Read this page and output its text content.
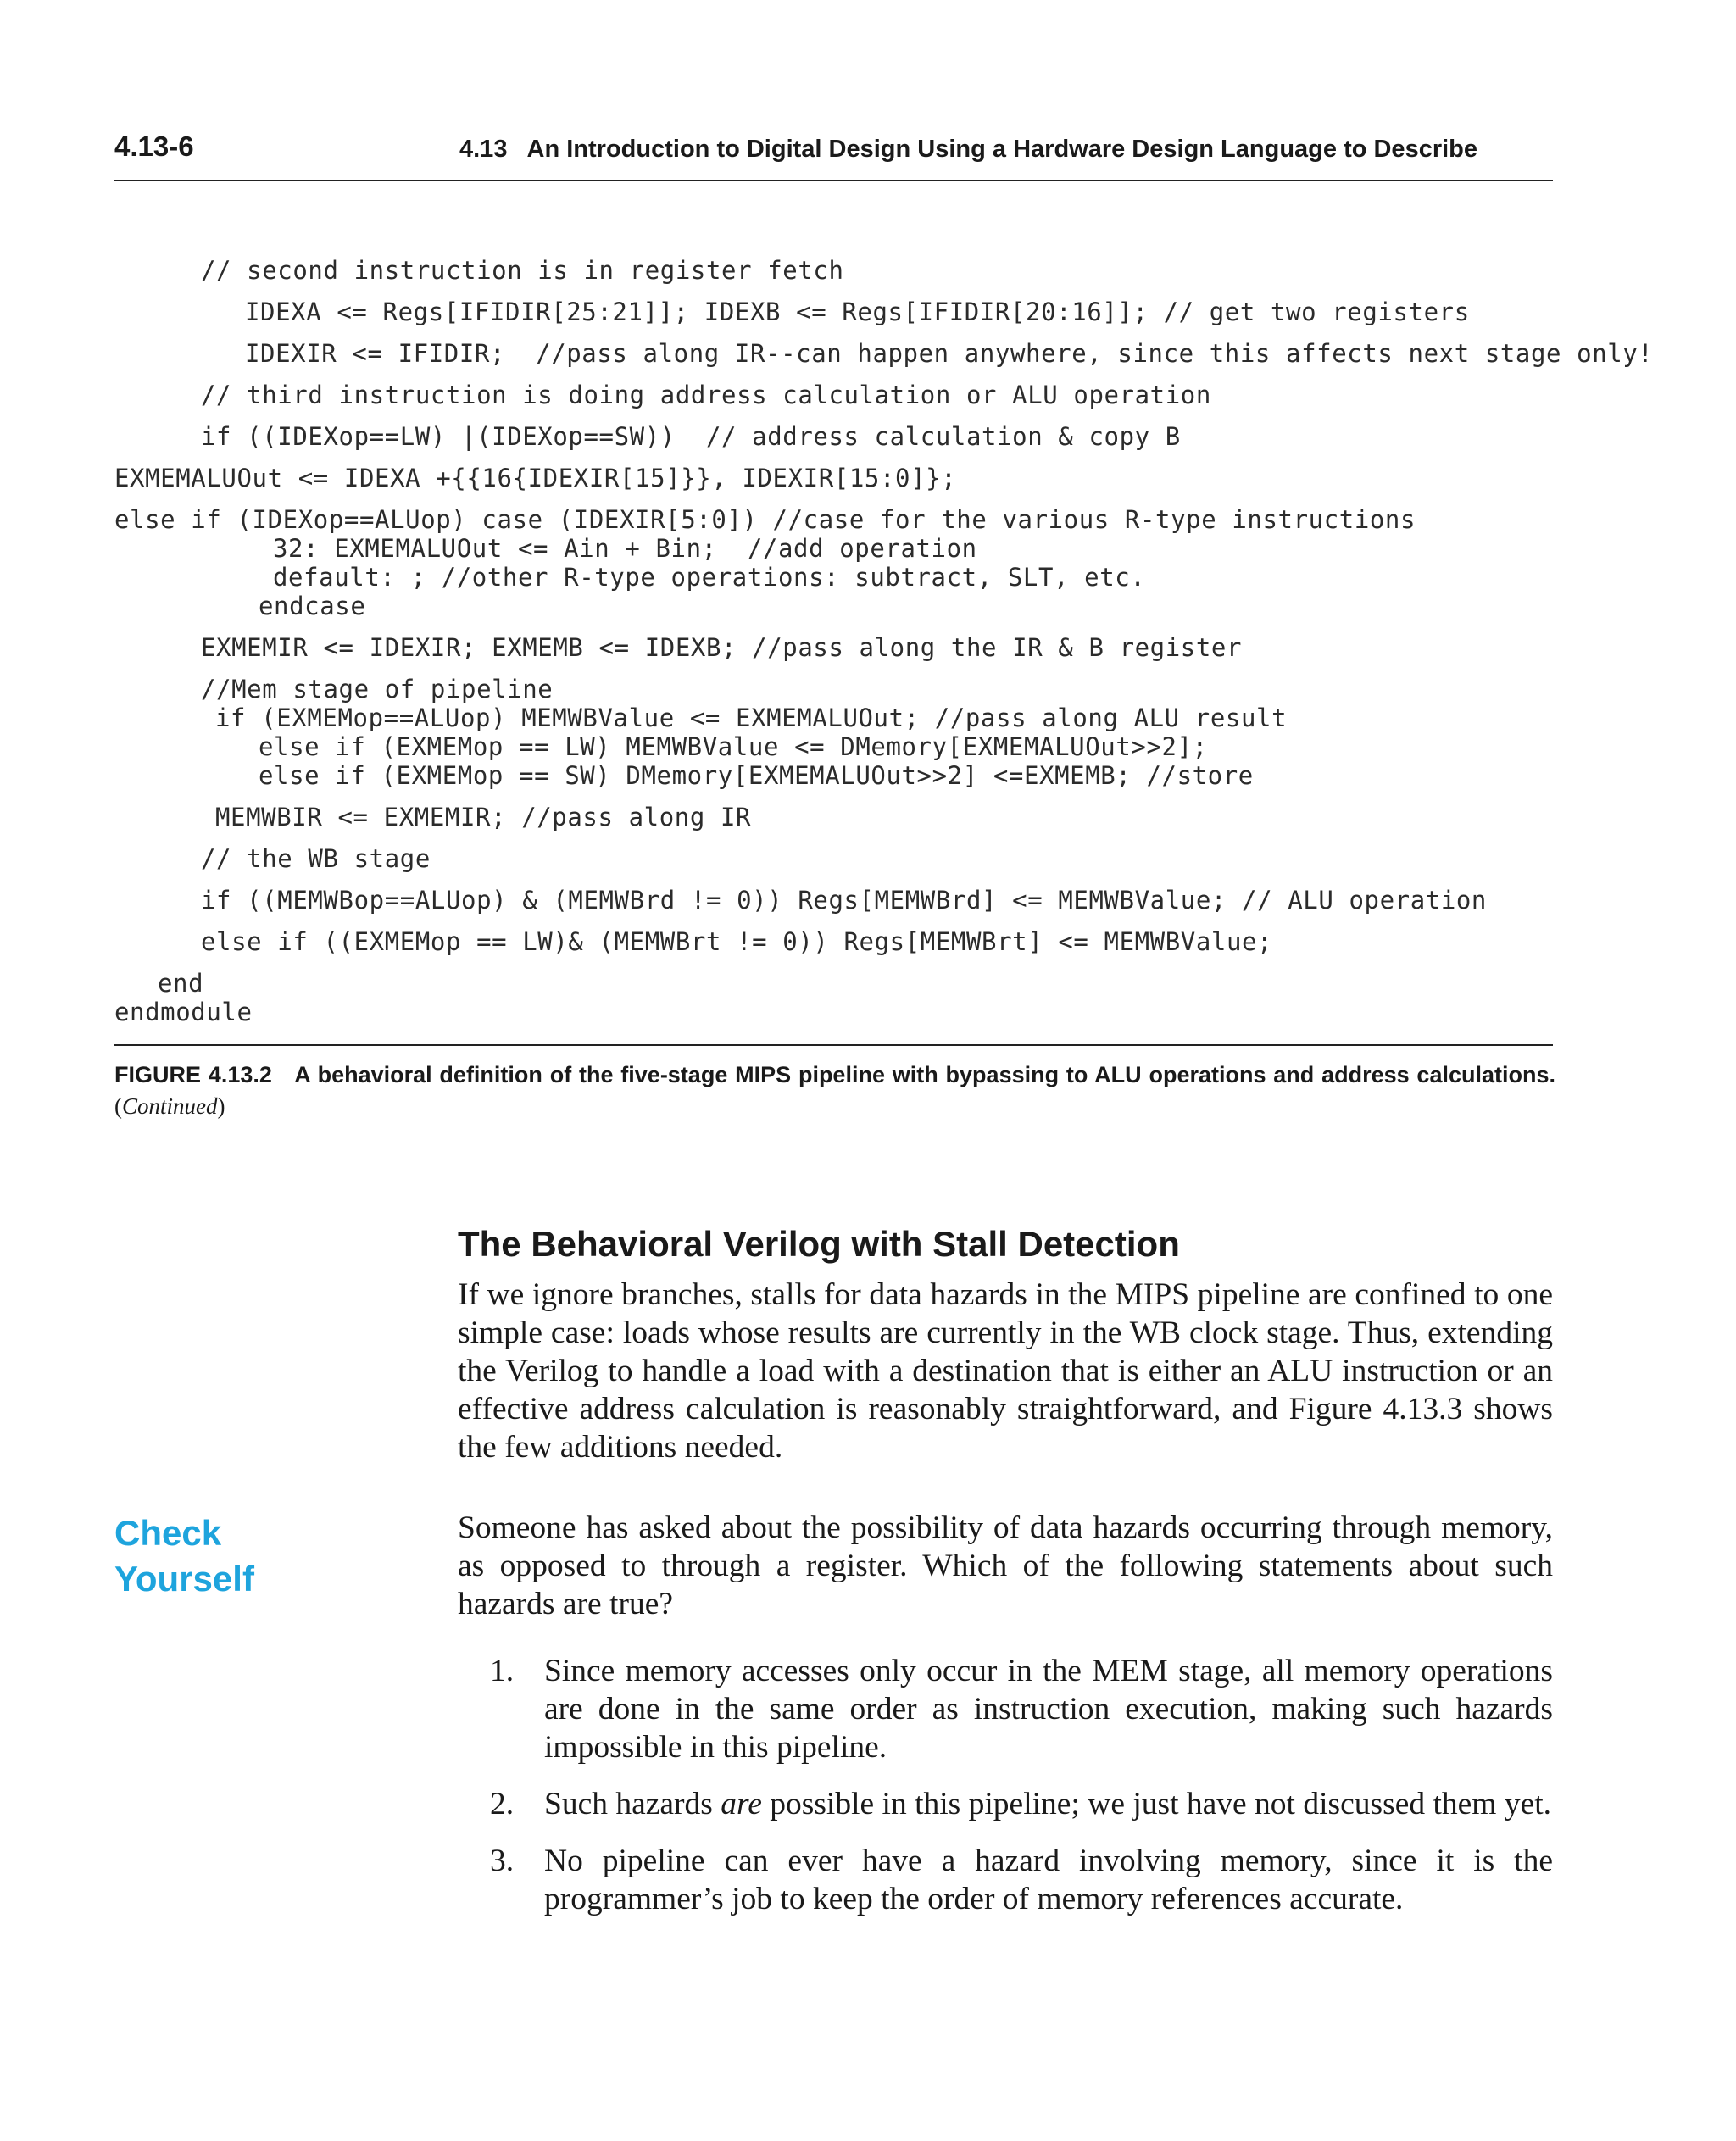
4.13-6	4.13   An Introduction to Digital Design Using a Hardware Design Language to Describe
// second instruction is in register fetch
IDEXA <= Regs[IFIDIR[25:21]]; IDEXB <= Regs[IFIDIR[20:16]]; // get two registers
IDEXIR <= IFIDIR;  //pass along IR--can happen anywhere, since this affects next stage only!
// third instruction is doing address calculation or ALU operation
if ((IDEXop==LW) |(IDEXop==SW))  // address calculation & copy B
EXMEMALUOut <= IDEXA +{{16{IDEXIR[15]}}, IDEXIR[15:0]};
else if (IDEXop==ALUop) case (IDEXIR[5:0]) //case for the various R-type instructions
32: EXMEMALUOut <= Ain + Bin;  //add operation
default: ; //other R-type operations: subtract, SLT, etc.
endcase
EXMEMIR <= IDEXIR; EXMEMB <= IDEXB; //pass along the IR & B register
//Mem stage of pipeline
if (EXMEMop==ALUop) MEMWBValue <= EXMEMALUOut; //pass along ALU result
else if (EXMEMop == LW) MEMWBValue <= DMemory[EXMEMALUOut>>2];
else if (EXMEMop == SW) DMemory[EXMEMALUOut>>2] <=EXMEMB; //store
MEMWBIR <= EXMEMIR; //pass along IR
// the WB stage
if ((MEMWBop==ALUop) & (MEMWBrd != 0)) Regs[MEMWBrd] <= MEMWBValue; // ALU operation
else if ((EXMEMop == LW)& (MEMWBrt != 0)) Regs[MEMWBrt] <= MEMWBValue;
end
endmodule
FIGURE 4.13.2 A behavioral definition of the five-stage MIPS pipeline with bypassing to ALU operations and address calculations. (Continued)
The Behavioral Verilog with Stall Detection

If we ignore branches, stalls for data hazards in the MIPS pipeline are confined to one simple case: loads whose results are currently in the WB clock stage. Thus, extending the Verilog to handle a load with a destination that is either an ALU instruction or an effective address calculation is reasonably straightforward, and Figure 4.13.3 shows the few additions needed.

Check
Yourself

Someone has asked about the possibility of data hazards occurring through memory, as opposed to through a register. Which of the following statements about such hazards are true?

1. Since memory accesses only occur in the MEM stage, all memory operations are done in the same order as instruction execution, making such hazards impossible in this pipeline.
2. Such hazards are possible in this pipeline; we just have not discussed them yet.
3. No pipeline can ever have a hazard involving memory, since it is the programmer’s job to keep the order of memory references accurate.
